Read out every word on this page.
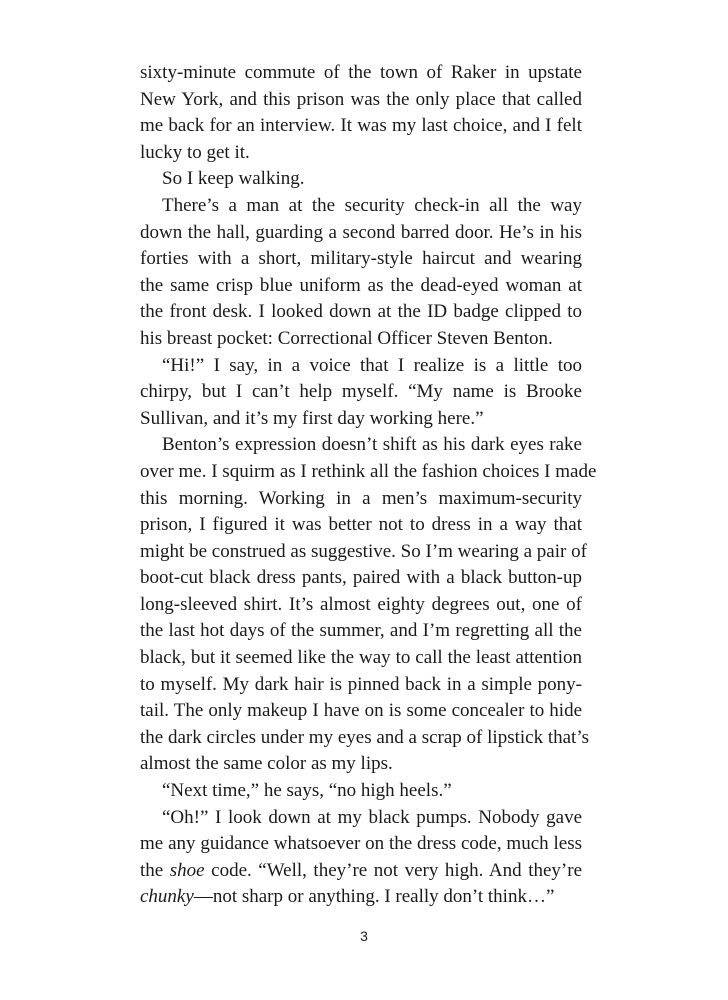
sixty-minute commute of the town of Raker in upstate
New York, and this prison was the only place that called
me back for an interview. It was my last choice, and I felt
lucky to get it.
So I keep walking.
There’s a man at the security check-in all the way
down the hall, guarding a second barred door. He’s in his
forties with a short, military-style haircut and wearing
the same crisp blue uniform as the dead-eyed woman at
the front desk. I looked down at the ID badge clipped to
his breast pocket: Correctional Officer Steven Benton.
“Hi!” I say, in a voice that I realize is a little too
chirpy, but I can’t help myself. “My name is Brooke
Sullivan, and it’s my first day working here.”
Benton’s expression doesn’t shift as his dark eyes rake
over me. I squirm as I rethink all the fashion choices I made
this morning. Working in a men’s maximum-security
prison, I figured it was better not to dress in a way that
might be construed as suggestive. So I’m wearing a pair of
boot-cut black dress pants, paired with a black button-up
long-sleeved shirt. It’s almost eighty degrees out, one of
the last hot days of the summer, and I’m regretting all the
black, but it seemed like the way to call the least attention
to myself. My dark hair is pinned back in a simple pony-
tail. The only makeup I have on is some concealer to hide
the dark circles under my eyes and a scrap of lipstick that’s
almost the same color as my lips.
“Next time,” he says, “no high heels.”
“Oh!” I look down at my black pumps. Nobody gave
me any guidance whatsoever on the dress code, much less
the shoe code. “Well, they’re not very high. And they’re
chunky—not sharp or anything. I really don’t think…”
3
